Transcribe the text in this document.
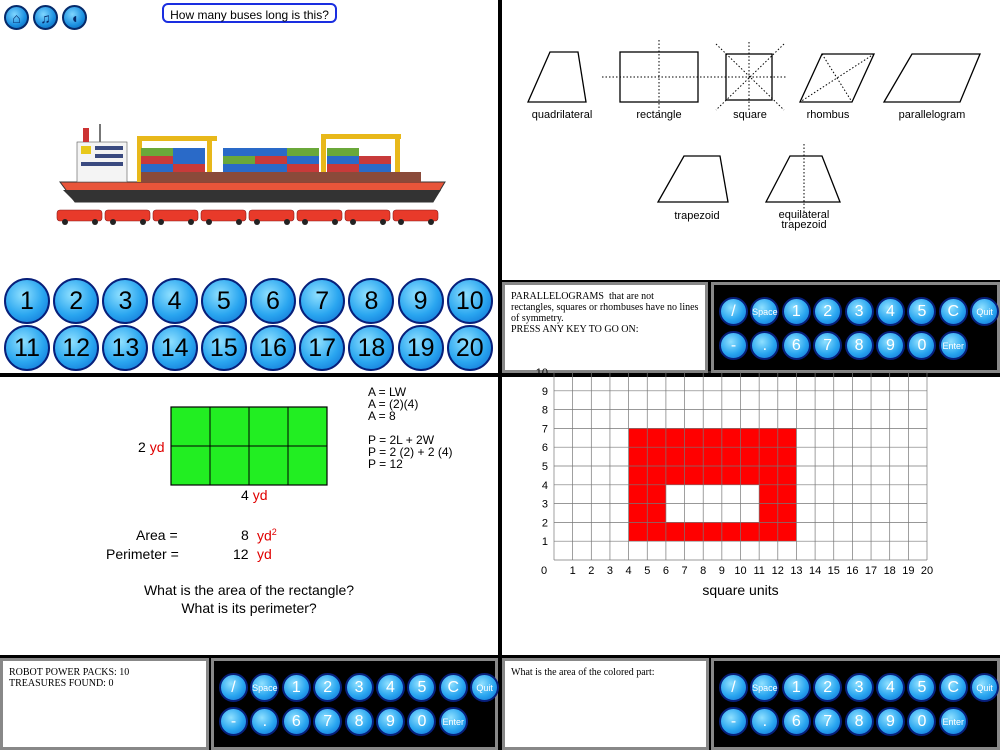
⌂ ♫ ◖	How many buses long is this?
1	2	3	4	5	6	7	8	9	10
11 12 13 14 15 16 17 18 19 20
quadrilateral	rectangle	square	rhombus	parallelogram
trapezoid	equilateral
trapezoid
PARALLELOGRAMS  that are not rectangles, squares or rhombuses have no lines of symmetry.
PRESS ANY KEY TO GO ON:
/	Space 1	2	3	4	5	C	Quit
-	.	6	7	8	9	0	Enter
2 yd
4 yd
A = LW
A = (2)(4)
A = 8
P = 2L + 2W
P = 2 (2) + 2 (4)
P = 12
Area =	8 $yd^2$
Perimeter =	12 yd
What is the area of the rectangle?
What is its perimeter?
ROBOT POWER PACKS: 10
TREASURES FOUND: 0	/	Space 1	2	3	4	5	C	Quit
-	.	6	7	8	9	0	Enter
0 1 2 3 4 5 6 7 8 9 10 11 12 13 14 15 16 17 18 19 20
1
2
3
4
5
6
7
8
9
10
square units
What is the area of the colored part:
/	Space 1	2	3	4	5	C	Quit
-	.	6	7	8	9	0	Enter
